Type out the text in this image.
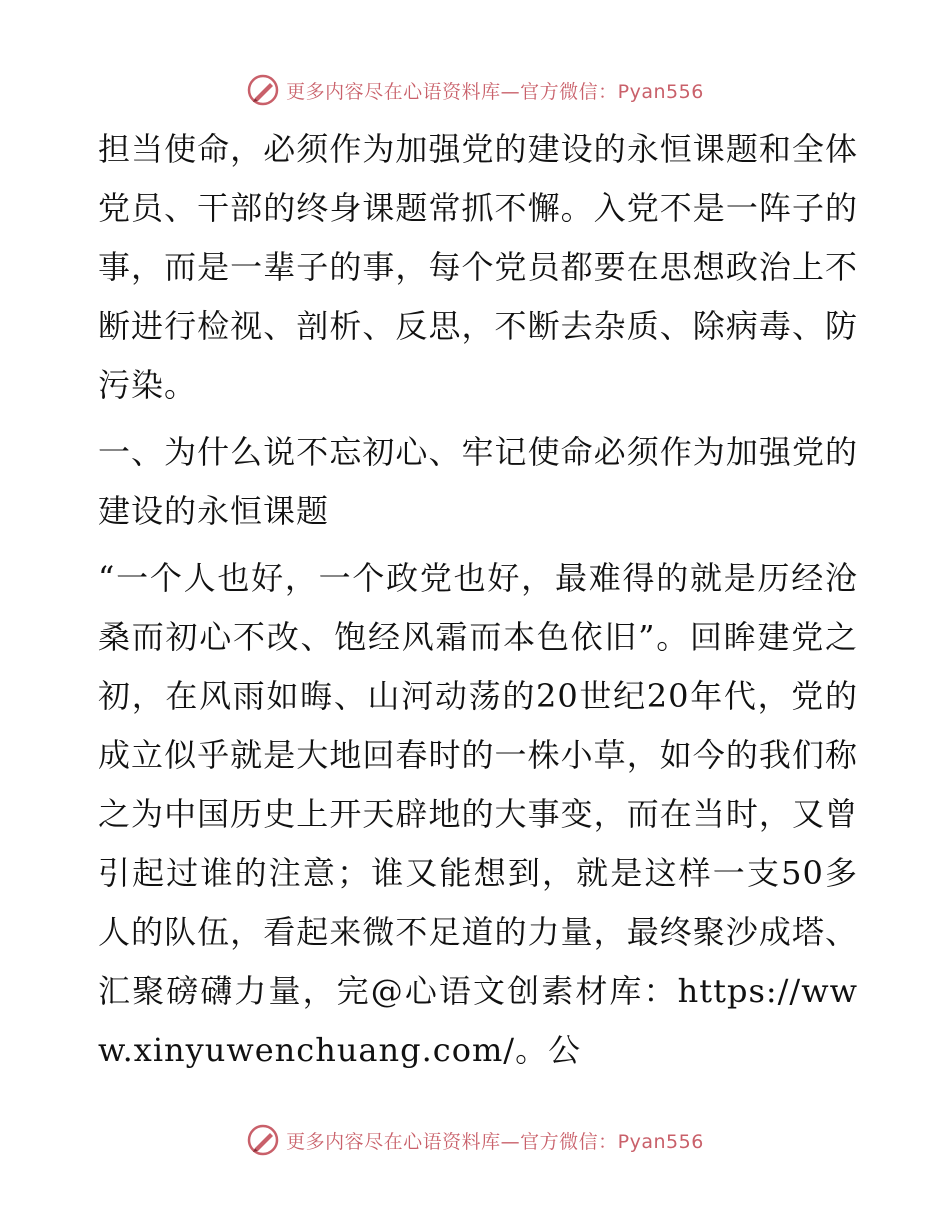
更多内容尽在心语资料库—官方微信：Pyan556

担当使命，必须作为加强党的建设的永恒课题和全体党员、干部的终身课题常抓不懈。入党不是一阵子的事，而是一辈子的事，每个党员都要在思想政治上不断进行检视、剖析、反思，不断去杂质、除病毒、防污染。

一、为什么说不忘初心、牢记使命必须作为加强党的建设的永恒课题

“一个人也好，一个政党也好，最难得的就是历经沧桑而初心不改、饱经风霜而本色依旧”。回眸建党之初，在风雨如晦、山河动荡的20世纪20年代，党的成立似乎就是大地回春时的一株小草，如今的我们称之为中国历史上开天辟地的大事变，而在当时，又曾引起过谁的注意；谁又能想到，就是这样一支50多人的队伍，看起来微不足道的力量，最终聚沙成塔、汇聚磅礴力量，完@心语文创素材库：https://www.xinyuwenchuang.com/。公

更多内容尽在心语资料库—官方微信：Pyan556
